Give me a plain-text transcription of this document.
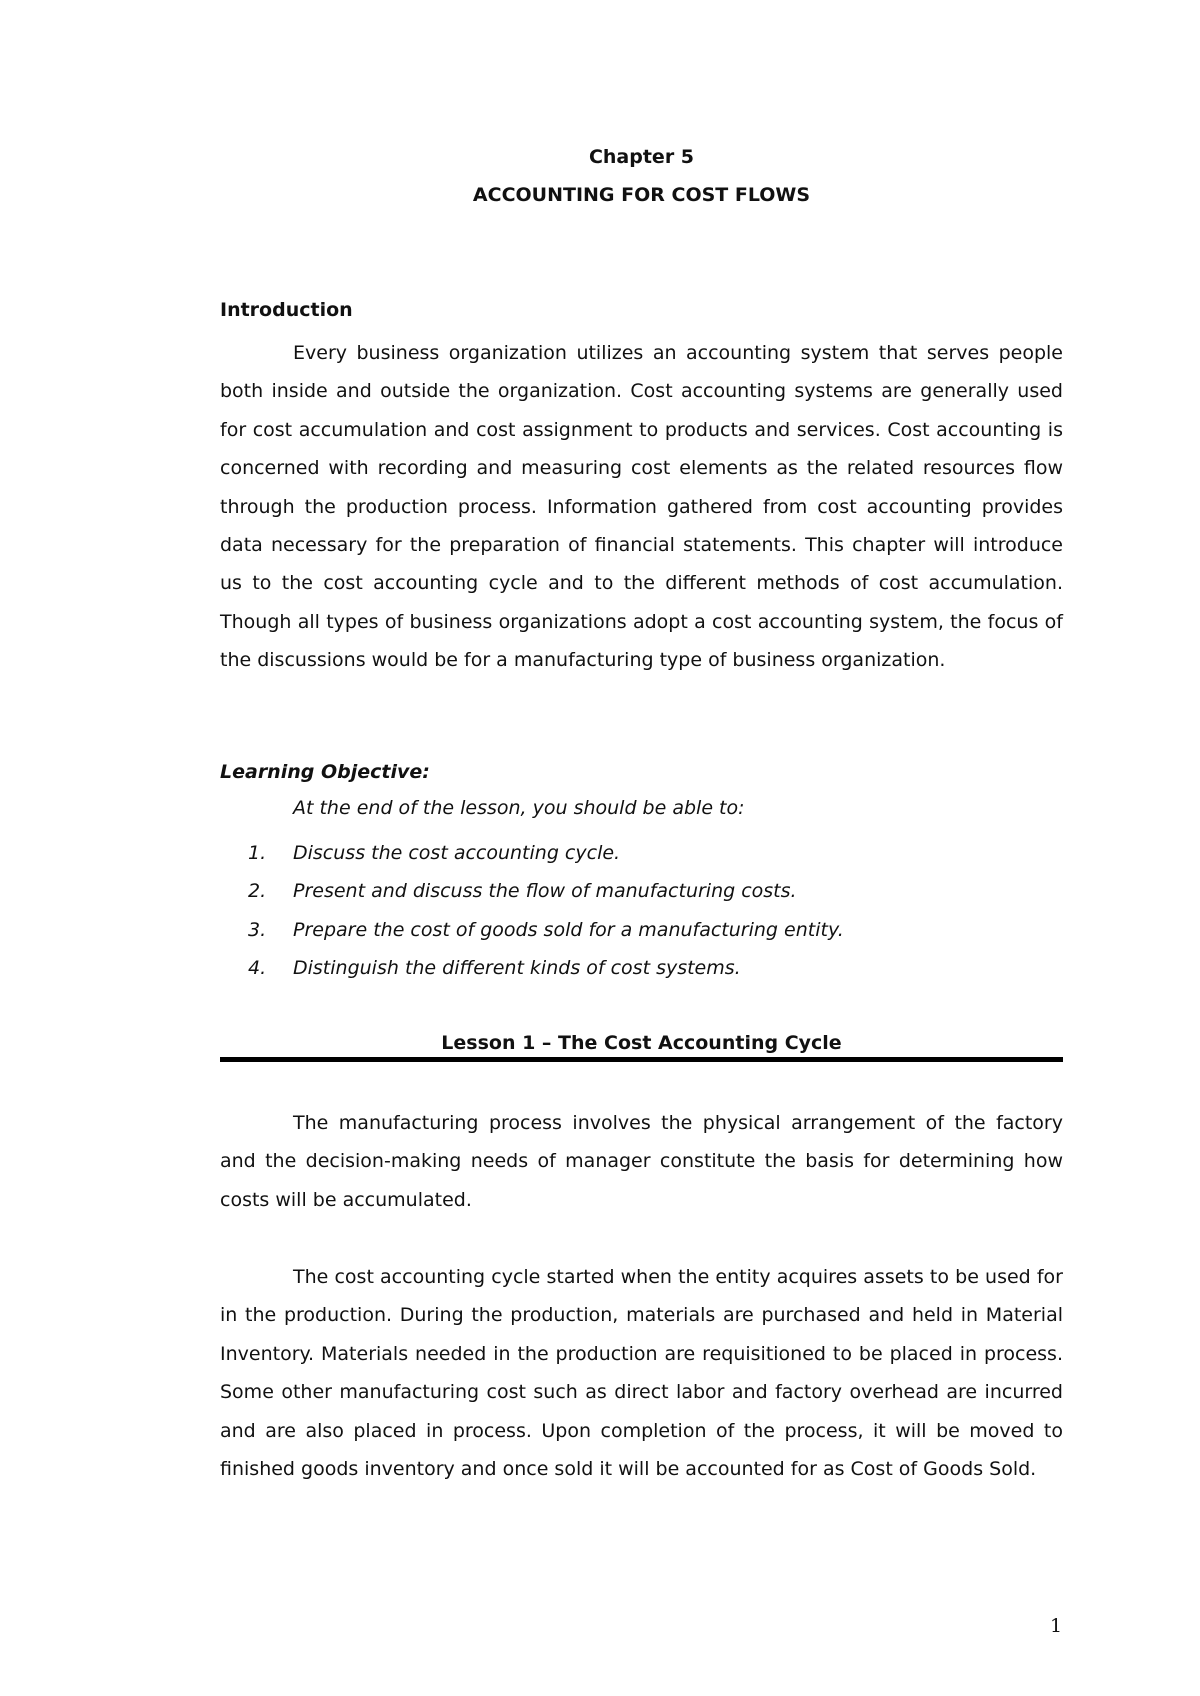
Chapter 5
ACCOUNTING FOR COST FLOWS
Introduction

Every business organization utilizes an accounting system that serves people both inside and outside the organization. Cost accounting systems are generally used for cost accumulation and cost assignment to products and services. Cost accounting is concerned with recording and measuring cost elements as the related resources flow through the production process. Information gathered from cost accounting provides data necessary for the preparation of financial statements. This chapter will introduce us to the cost accounting cycle and to the different methods of cost accumulation. Though all types of business organizations adopt a cost accounting system, the focus of the discussions would be for a manufacturing type of business organization.

Learning Objective:
At the end of the lesson, you should be able to:
1. Discuss the cost accounting cycle.
2. Present and discuss the flow of manufacturing costs.
3. Prepare the cost of goods sold for a manufacturing entity.
4. Distinguish the different kinds of cost systems.
Lesson 1 – The Cost Accounting Cycle

The manufacturing process involves the physical arrangement of the factory and the decision-making needs of manager constitute the basis for determining how costs will be accumulated.

The cost accounting cycle started when the entity acquires assets to be used for in the production. During the production, materials are purchased and held in Material Inventory. Materials needed in the production are requisitioned to be placed in process. Some other manufacturing cost such as direct labor and factory overhead are incurred and are also placed in process. Upon completion of the process, it will be moved to finished goods inventory and once sold it will be accounted for as Cost of Goods Sold.

1
